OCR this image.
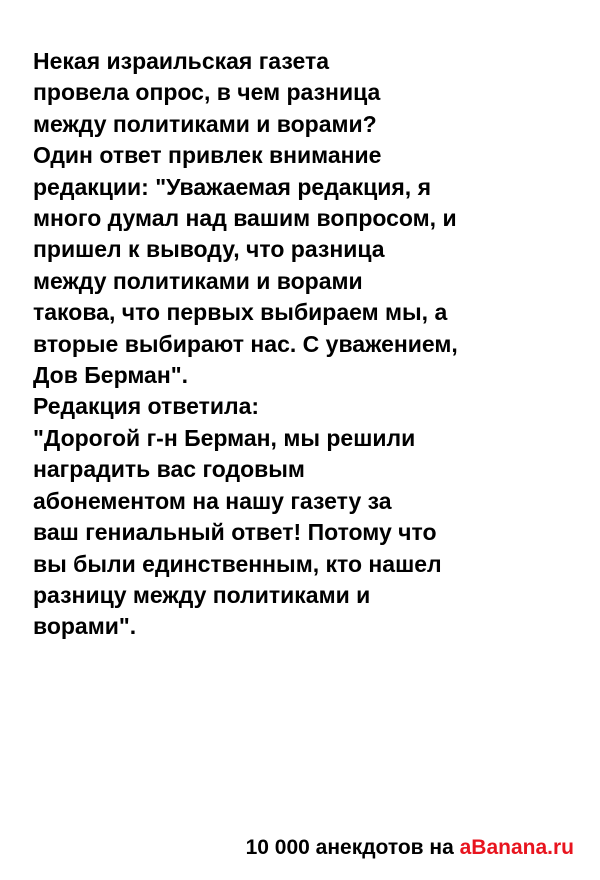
Некая израильская газета
провела опрос, в чем разница
между политиками и ворами?
Один ответ привлек внимание
редакции: "Уважаемая редакция, я
много думал над вашим вопросом, и
пришел к выводу, что разница
между политиками и ворами
такова, что первых выбираем мы, а
вторые выбирают нас. С уважением,
Дов Берман".
Редакция ответила:
"Дорогой г-н Берман, мы решили
наградить вас годовым
абонементом на нашу газету за
ваш гениальный ответ! Потому что
вы были единственным, кто нашел
разницу между политиками и
ворами".
10 000 анекдотов на aBanana.ru
